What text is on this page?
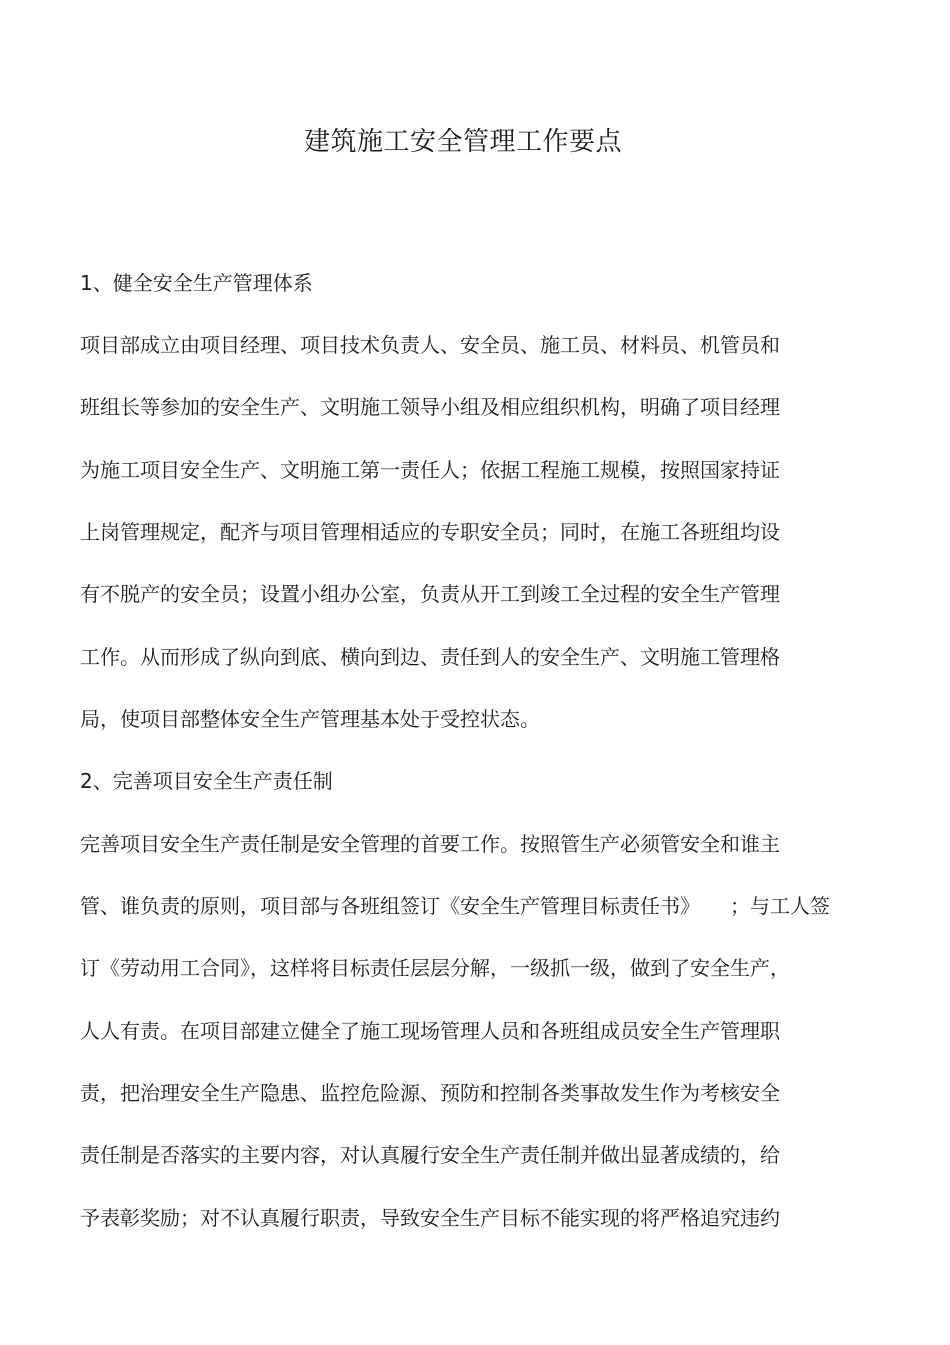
建筑施工安全管理工作要点

1、健全安全生产管理体系

项目部成立由项目经理、项目技术负责人、安全员、施工员、材料员、机管员和

班组长等参加的安全生产、文明施工领导小组及相应组织机构，明确了项目经理

为施工项目安全生产、文明施工第一责任人；依据工程施工规模，按照国家持证

上岗管理规定，配齐与项目管理相适应的专职安全员；同时，在施工各班组均设

有不脱产的安全员；设置小组办公室，负责从开工到竣工全过程的安全生产管理

工作。从而形成了纵向到底、横向到边、责任到人的安全生产、文明施工管理格

局，使项目部整体安全生产管理基本处于受控状态。

2、完善项目安全生产责任制

完善项目安全生产责任制是安全管理的首要工作。按照管生产必须管安全和谁主

管、谁负责的原则，项目部与各班组签订《安全生产管理目标责任书》　　；与工人签

订《劳动用工合同》，这样将目标责任层层分解，一级抓一级，做到了安全生产，

人人有责。在项目部建立健全了施工现场管理人员和各班组成员安全生产管理职

责，把治理安全生产隐患、监控危险源、预防和控制各类事故发生作为考核安全

责任制是否落实的主要内容，对认真履行安全生产责任制并做出显著成绩的，给

予表彰奖励；对不认真履行职责，导致安全生产目标不能实现的将严格追究违约
